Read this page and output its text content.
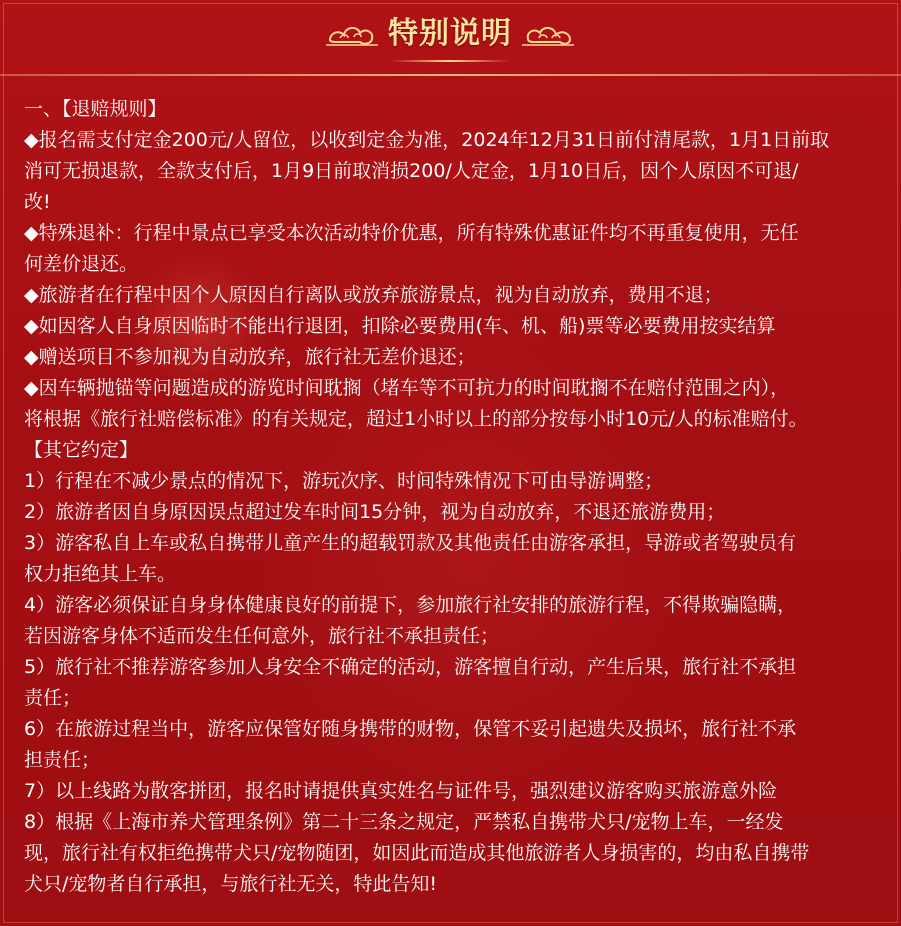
特别说明

一、【退赔规则】

◆报名需支付定金200元/人留位，以收到定金为准，2024年12月31日前付清尾款，1月1日前取

消可无损退款，全款支付后，1月9日前取消损200/人定金，1月10日后，因个人原因不可退/

改!

◆特殊退补：行程中景点已享受本次活动特价优惠，所有特殊优惠证件均不再重复使用，无任

何差价退还。

◆旅游者在行程中因个人原因自行离队或放弃旅游景点，视为自动放弃，费用不退；

◆如因客人自身原因临时不能出行退团，扣除必要费用(车、机、船)票等必要费用按实结算

◆赠送项目不参加视为自动放弃，旅行社无差价退还；

◆因车辆抛锚等问题造成的游览时间耽搁（堵车等不可抗力的时间耽搁不在赔付范围之内），

将根据《旅行社赔偿标准》的有关规定，超过1小时以上的部分按每小时10元/人的标准赔付。

【其它约定】

1）行程在不减少景点的情况下，游玩次序、时间特殊情况下可由导游调整；

2）旅游者因自身原因误点超过发车时间15分钟，视为自动放弃，不退还旅游费用；

3）游客私自上车或私自携带儿童产生的超载罚款及其他责任由游客承担，导游或者驾驶员有

权力拒绝其上车。

4）游客必须保证自身身体健康良好的前提下，参加旅行社安排的旅游行程，不得欺骗隐瞒，

若因游客身体不适而发生任何意外，旅行社不承担责任；

5）旅行社不推荐游客参加人身安全不确定的活动，游客擅自行动，产生后果，旅行社不承担

责任；

6）在旅游过程当中，游客应保管好随身携带的财物，保管不妥引起遗失及损坏，旅行社不承

担责任；

7）以上线路为散客拼团，报名时请提供真实姓名与证件号，强烈建议游客购买旅游意外险

8）根据《上海市养犬管理条例》第二十三条之规定，严禁私自携带犬只/宠物上车，一经发

现，旅行社有权拒绝携带犬只/宠物随团，如因此而造成其他旅游者人身损害的，均由私自携带

犬只/宠物者自行承担，与旅行社无关，特此告知!
